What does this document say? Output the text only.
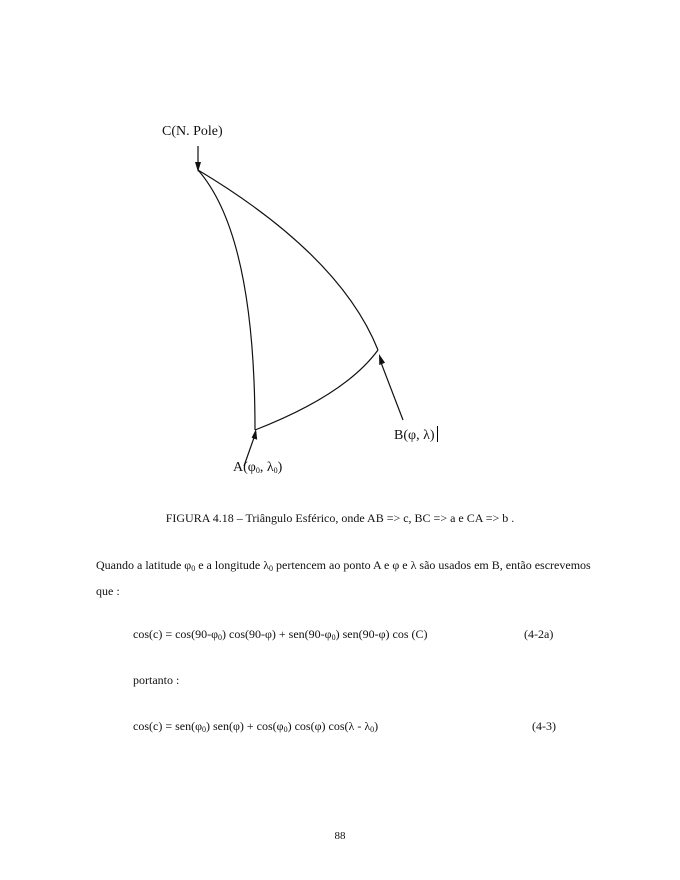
C(N. Pole)
B(φ, λ)
$A(\varphi_0$, $\lambda_0$)
FIGURA 4.18 – Triângulo Esférico, onde AB => c, BC => a e CA => b .
Quando a latitude $\varphi_0$ e a longitude $\lambda_0$ pertencem ao ponto A e φ e λ são usados em B, então escrevemos que :
$\cos(c) = \cos(90-\varphi_0) \cos(90-\varphi) + sen(90-\varphi_0)$ sen(90-φ) cos (C)	(4-2a)
portanto :
$\cos(c) = sen(\varphi_0) sen(\varphi) + \cos(\varphi_0)$ cos(φ) $\cos(\lambda - \lambda_0)$	(4-3)
88
